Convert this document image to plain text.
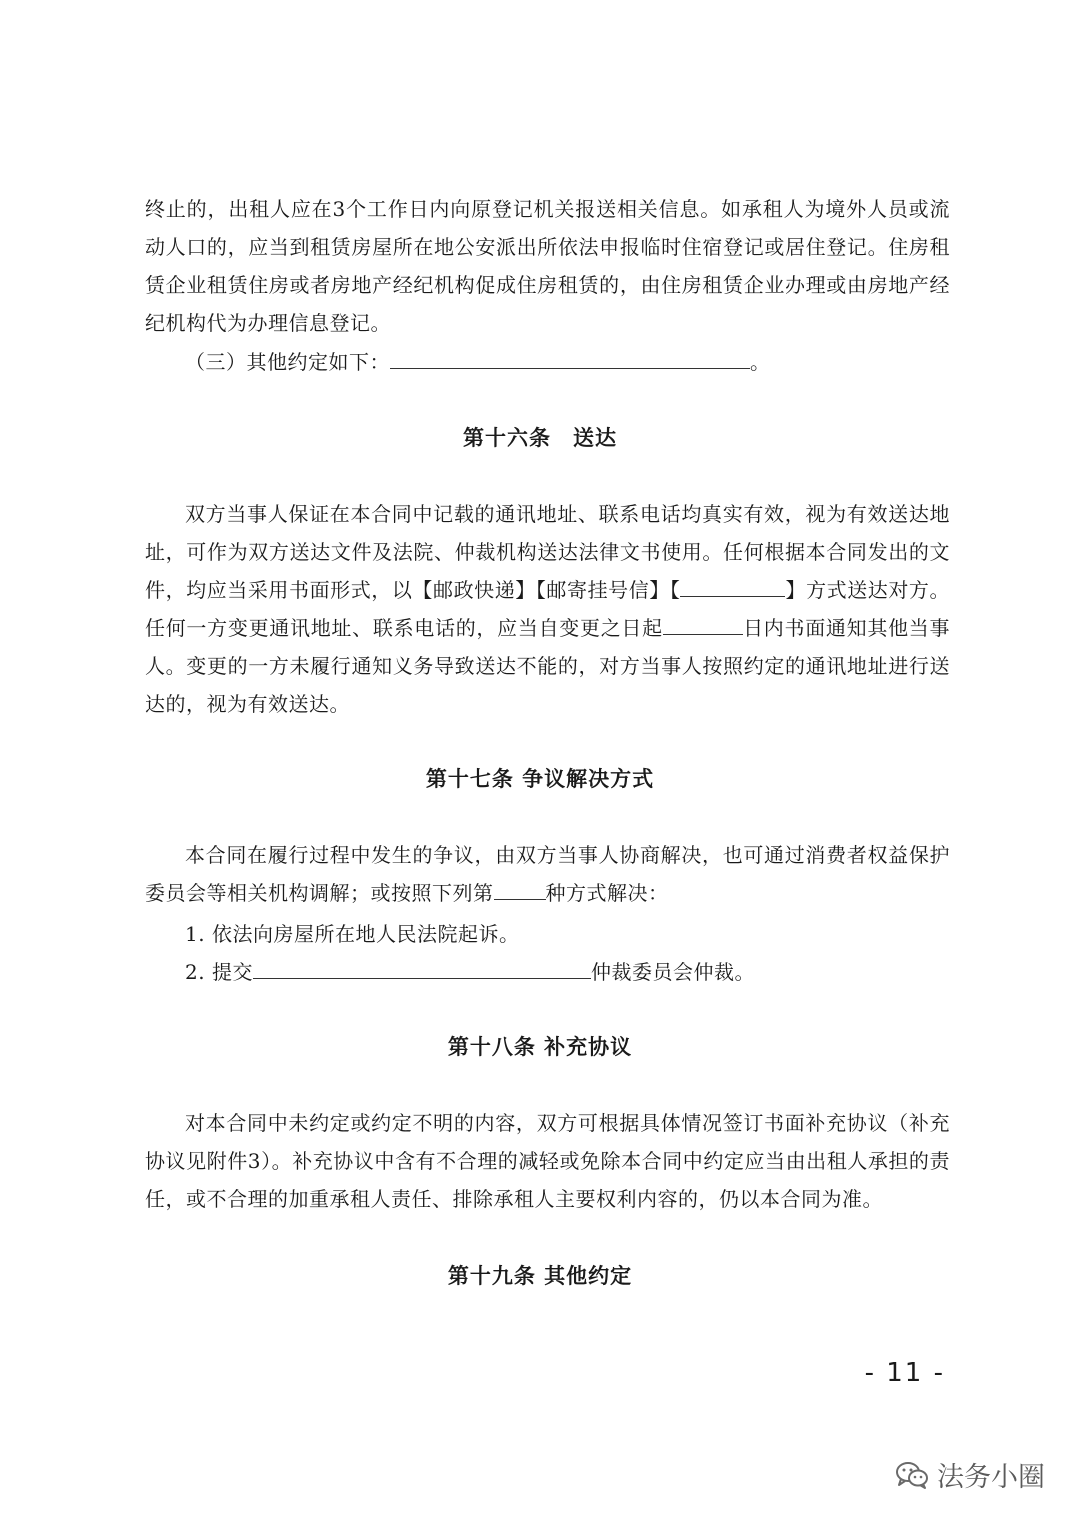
终止的，出租人应在3个工作日内向原登记机关报送相关信息。如承租人为境外人员或流动人口的，应当到租赁房屋所在地公安派出所依法申报临时住宿登记或居住登记。住房租赁企业租赁住房或者房地产经纪机构促成住房租赁的，由住房租赁企业办理或由房地产经纪机构代为办理信息登记。

（三）其他约定如下：	。
第十六条　送达

双方当事人保证在本合同中记载的通讯地址、联系电话均真实有效，视为有效送达地址，可作为双方送达文件及法院、仲裁机构送达法律文书使用。任何根据本合同发出的文件，均应当采用书面形式，以【邮政快递】【邮寄挂号信】【	】方式送达对方。任何一方变更通讯地址、联系电话的，应当自变更之日起	日内书面通知其他当事人。变更的一方未履行通知义务导致送达不能的，对方当事人按照约定的通讯地址进行送达的，视为有效送达。

第十七条 争议解决方式

本合同在履行过程中发生的争议，由双方当事人协商解决，也可通过消费者权益保护委员会等相关机构调解；或按照下列第	种方式解决：

1. 依法向房屋所在地人民法院起诉。
2. 提交	仲裁委员会仲裁。
第十八条 补充协议

对本合同中未约定或约定不明的内容，双方可根据具体情况签订书面补充协议（补充协议见附件3）。补充协议中含有不合理的减轻或免除本合同中约定应当由出租人承担的责任，或不合理的加重承租人责任、排除承租人主要权利内容的，仍以本合同为准。

第十九条 其他约定
- 11 -
法务小圈
